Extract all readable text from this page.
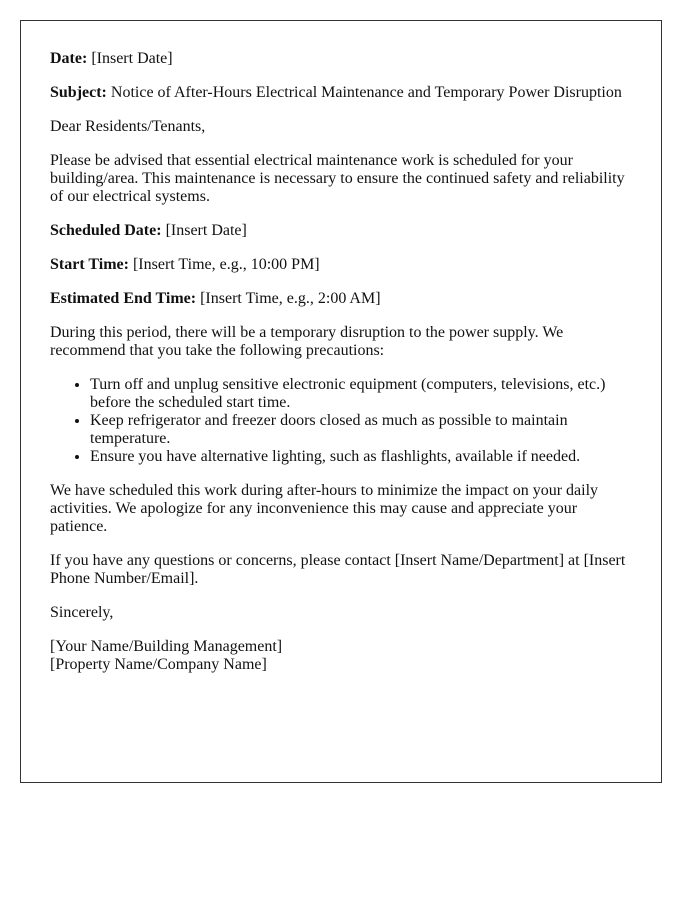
Date: [Insert Date]

Subject: Notice of After-Hours Electrical Maintenance and Temporary Power Disruption

Dear Residents/Tenants,

Please be advised that essential electrical maintenance work is scheduled for your building/area. This maintenance is necessary to ensure the continued safety and reliability of our electrical systems.

Scheduled Date: [Insert Date]

Start Time: [Insert Time, e.g., 10:00 PM]

Estimated End Time: [Insert Time, e.g., 2:00 AM]

During this period, there will be a temporary disruption to the power supply. We recommend that you take the following precautions:

• Turn off and unplug sensitive electronic equipment (computers, televisions, etc.) before the scheduled start time.
• Keep refrigerator and freezer doors closed as much as possible to maintain temperature.
• Ensure you have alternative lighting, such as flashlights, available if needed.

We have scheduled this work during after-hours to minimize the impact on your daily activities. We apologize for any inconvenience this may cause and appreciate your patience.

If you have any questions or concerns, please contact [Insert Name/Department] at [Insert Phone Number/Email].

Sincerely,

[Your Name/Building Management]
[Property Name/Company Name]
